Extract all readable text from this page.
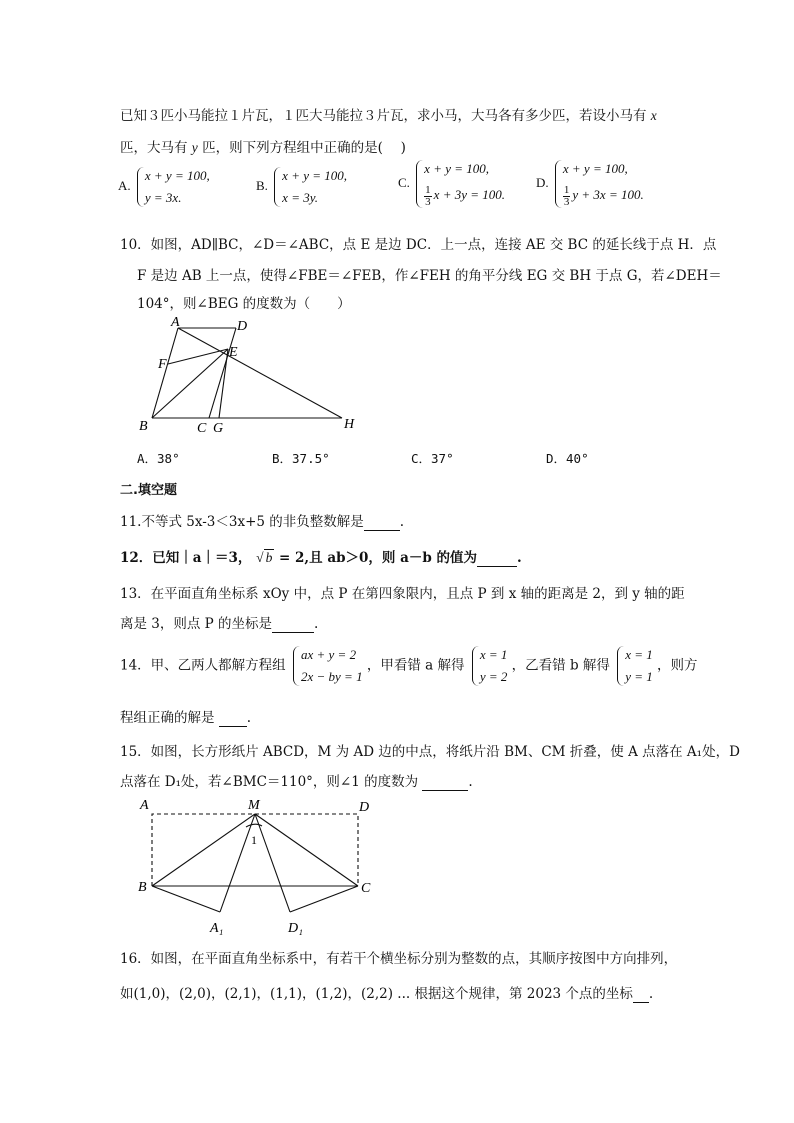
已知３匹小马能拉１片瓦，１匹大马能拉３片瓦，求小马，大马各有多少匹，若设小马有 x
匹，大马有 y 匹，则下列方程组中正确的是(　 )
A.
x + y = 100,
y = 3x.
B.
x + y = 100,
x = 3y.
C.
x + y = 100,
$\frac{1}{3}$ x + 3y = 100.
D.
x + y = 100,
$\frac{1}{3}$ y + 3x = 100.
10．如图，AD∥BC，∠D＝∠ABC，点 E 是边 DC．上一点，连接 AE 交 BC 的延长线于点 H．点
F 是边 AB 上一点，使得∠FBE＝∠FEB，作∠FEH 的角平分线 EG 交 BH 于点 G，若∠DEH＝
104°，则∠BEG 的度数为（　　）
A	D
F
E
B	C G	H
A．38°	B．37.5°	C．37°	D．40°
二.填空题
11.不等式 5x-3＜3x+5 的非负整数解是	.
12．已知｜a｜＝3， √ b = 2,且 ab＞0，则 a－b 的值为	.
13．在平面直角坐标系 xOy 中，点 P 在第四象限内，且点 P 到 x 轴的距离是 2，到 y 轴的距
离是 3，则点 P 的坐标是	.
14．甲、乙两人都解方程组
ax + y = 2
2x − by = 1
，甲看错 a 解得
x = 1
y = 2
，乙看错 b 解得
x = 1
y = 1
，则方
程组正确的解是 .
15．如图，长方形纸片 ABCD，M 为 AD 边的中点，将纸片沿 BM、CM 折叠，使 A 点落在 A₁处，D
点落在 D₁处，若∠BMC＝110°，则∠1 的度数为	.
A	M	D
B	C
A₁	D₁
1
16．如图，在平面直角坐标系中，有若干个横坐标分别为整数的点，其顺序按图中方向排列，
如(1,0)，(2,0)，(2,1)，(1,1)，(1,2)，(2,2) ... 根据这个规律，第 2023 个点的坐标 .
